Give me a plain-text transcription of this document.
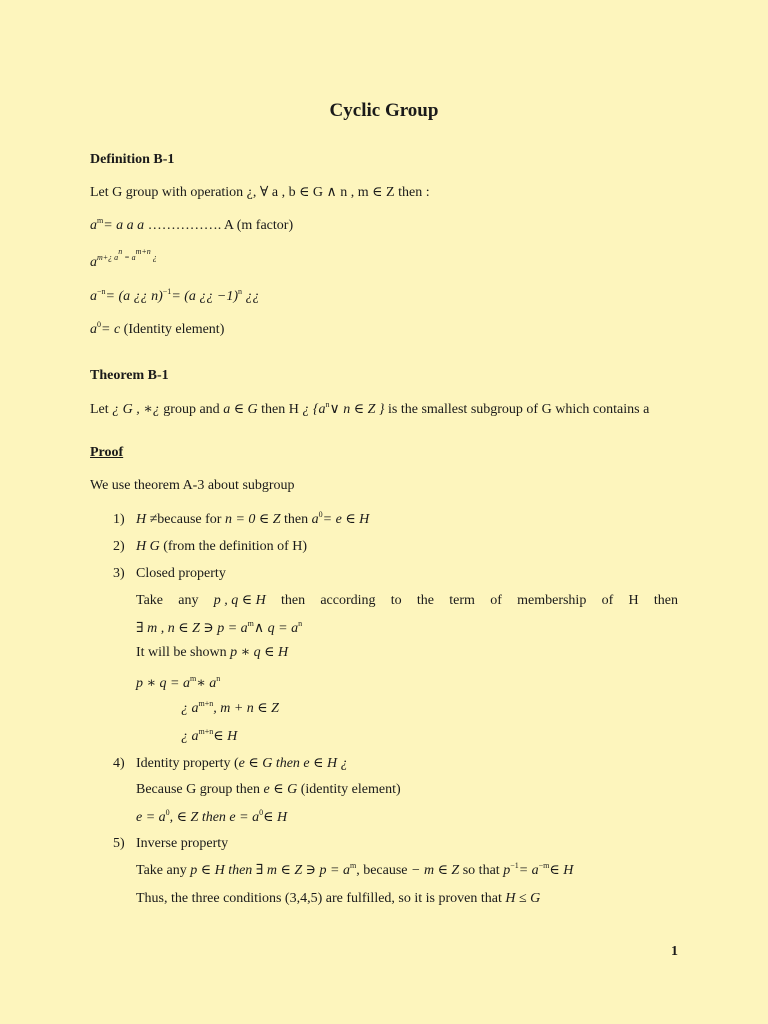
Cyclic Group
Definition B-1
Let G group with operation ¿, ∀ a , b ∈ G ∧ n , m ∈ Z then :
$a^m= a$ a a ……………. A (m factor)
$a^{m+¿ a^n = a^{m+n} ¿}$
$a^{-n}= (a$ ¿¿ n)$^{-1}$= (a ¿¿ −1)$^n$ ¿¿
$a^0= c$ (Identity element)
Theorem B-1
Let ¿ G , ∗¿ group and a ∈ G then H ¿ {$a^n\vee$ n ∈ Z } is the smallest subgroup of G which contains a
Proof
We use theorem A-3 about subgroup
1) H ≠because for n = 0 ∈ Z then $a^0= e$ ∈ H
2) H G (from the definition of H)
3) Closed property
Take any p , q ∈ H then according to the term of membership of H then
∃ m , n ∈ Z ∋ $p = a^m\wedge$ $q = a^n$
It will be shown p ∗ q ∈ H
p ∗ $q = a^m∗$ $a^n$
¿ $a^{m+n}$, m + n ∈ Z
¿ $a^{m+n}\in$ H
4) Identity property (e ∈ G then e ∈ H ¿
Because G group then e ∈ G (identity element)
$e = a^0$, ∈ Z then $e = a^0\in$ H
5) Inverse property
Take any p ∈ H then ∃ m ∈ Z ∋ $p = a^m$, because − m ∈ Z so that $p^{-1}=$ $a^{-m}\in$ H
Thus, the three conditions (3,4,5) are fulfilled, so it is proven that H ≤ G
1
